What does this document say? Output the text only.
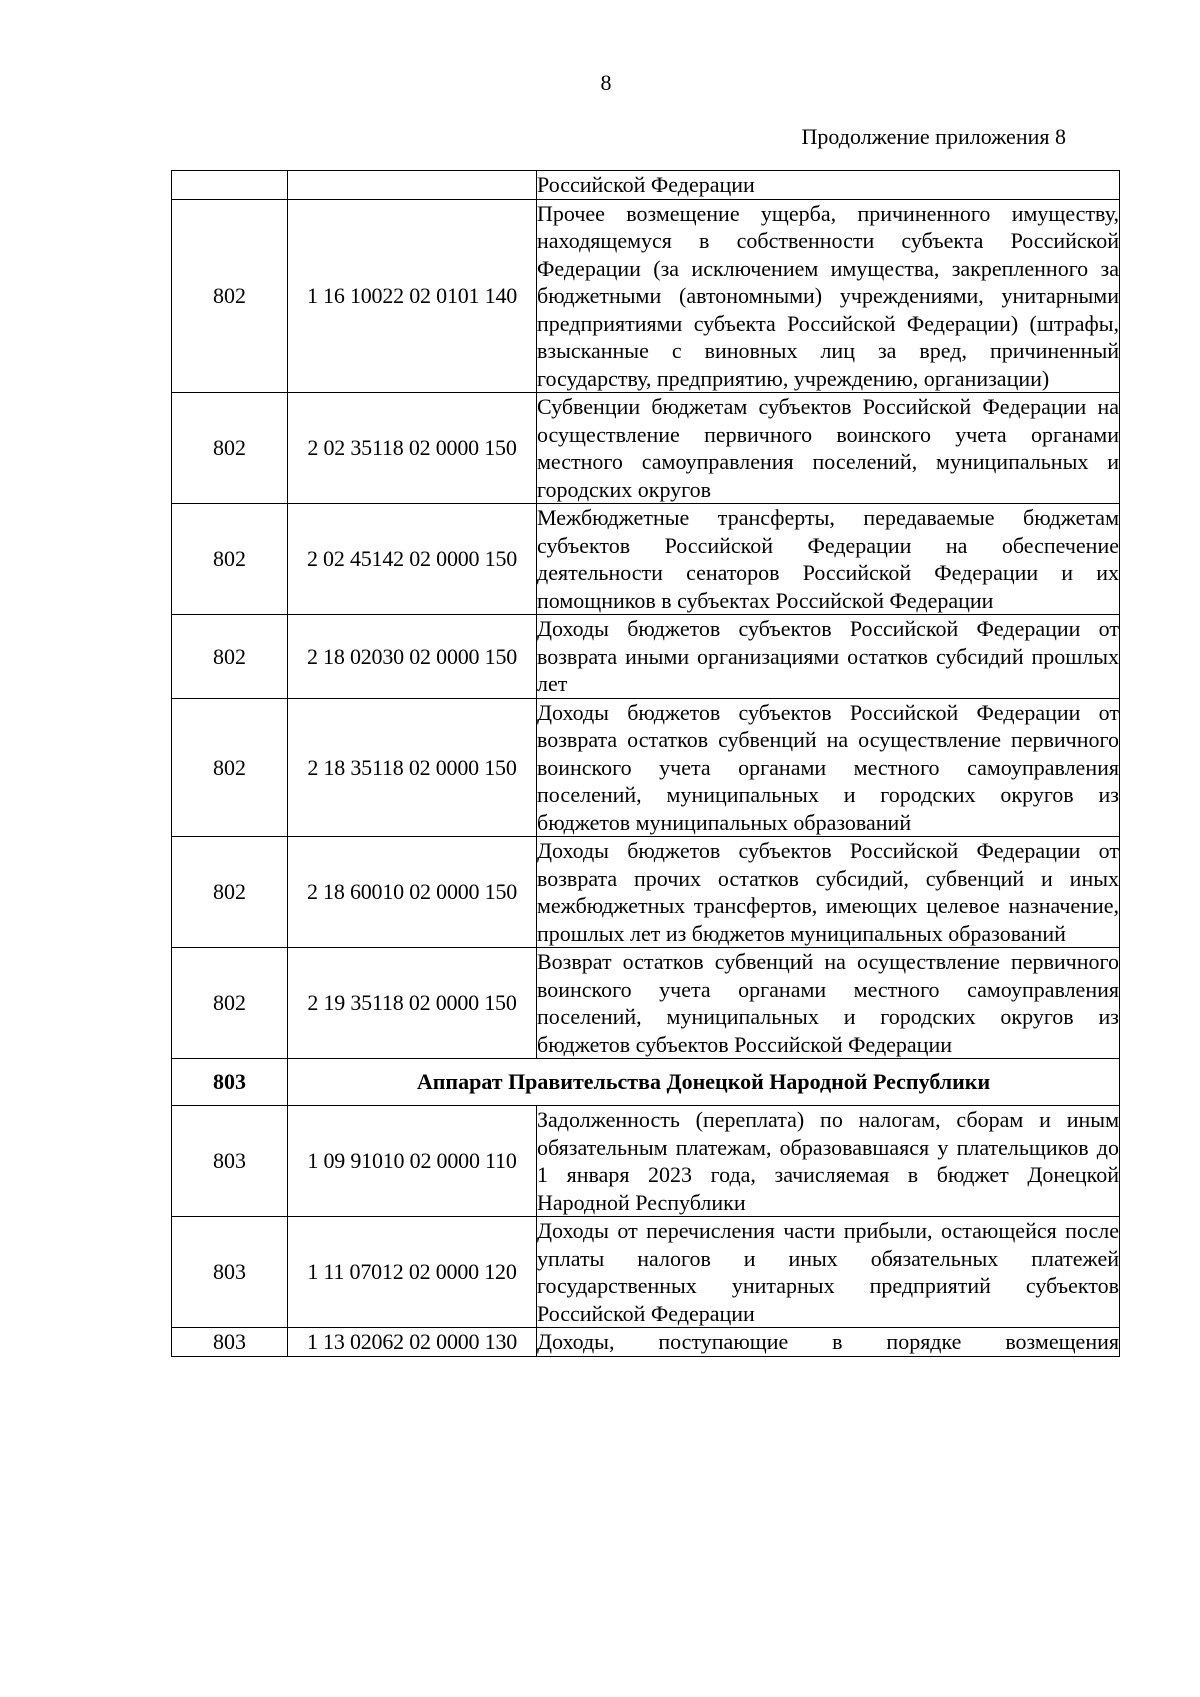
8
Продолжение приложения 8
		Российской Федерации
802	1 16 10022 02 0101 140	Прочее возмещение ущерба, причиненного имуществу, находящемуся в собственности субъекта Российской Федерации (за исключением имущества, закрепленного за бюджетными (автономными) учреждениями, унитарными предприятиями субъекта Российской Федерации) (штрафы, взысканные с виновных лиц за вред, причиненный государству, предприятию, учреждению, организации)
802	2 02 35118 02 0000 150	Субвенции бюджетам субъектов Российской Федерации на осуществление первичного воинского учета органами местного самоуправления поселений, муниципальных и городских округов
802	2 02 45142 02 0000 150	Межбюджетные трансферты, передаваемые бюджетам субъектов Российской Федерации на обеспечение деятельности сенаторов Российской Федерации и их помощников в субъектах Российской Федерации
802	2 18 02030 02 0000 150	Доходы бюджетов субъектов Российской Федерации от возврата иными организациями остатков субсидий прошлых лет
802	2 18 35118 02 0000 150	Доходы бюджетов субъектов Российской Федерации от возврата остатков субвенций на осуществление первичного воинского учета органами местного самоуправления поселений, муниципальных и городских округов из бюджетов муниципальных образований
802	2 18 60010 02 0000 150	Доходы бюджетов субъектов Российской Федерации от возврата прочих остатков субсидий, субвенций и иных межбюджетных трансфертов, имеющих целевое назначение, прошлых лет из бюджетов муниципальных образований
802	2 19 35118 02 0000 150	Возврат остатков субвенций на осуществление первичного воинского учета органами местного самоуправления поселений, муниципальных и городских округов из бюджетов субъектов Российской Федерации
803	Аппарат Правительства Донецкой Народной Республики	
803	1 09 91010 02 0000 110	Задолженность (переплата) по налогам, сборам и иным обязательным платежам, образовавшаяся у плательщиков до 1 января 2023 года, зачисляемая в бюджет Донецкой Народной Республики
803	1 11 07012 02 0000 120	Доходы от перечисления части прибыли, остающейся после уплаты налогов и иных обязательных платежей государственных унитарных предприятий субъектов Российской Федерации
803	1 13 02062 02 0000 130	Доходы, поступающие в порядке возмещения
